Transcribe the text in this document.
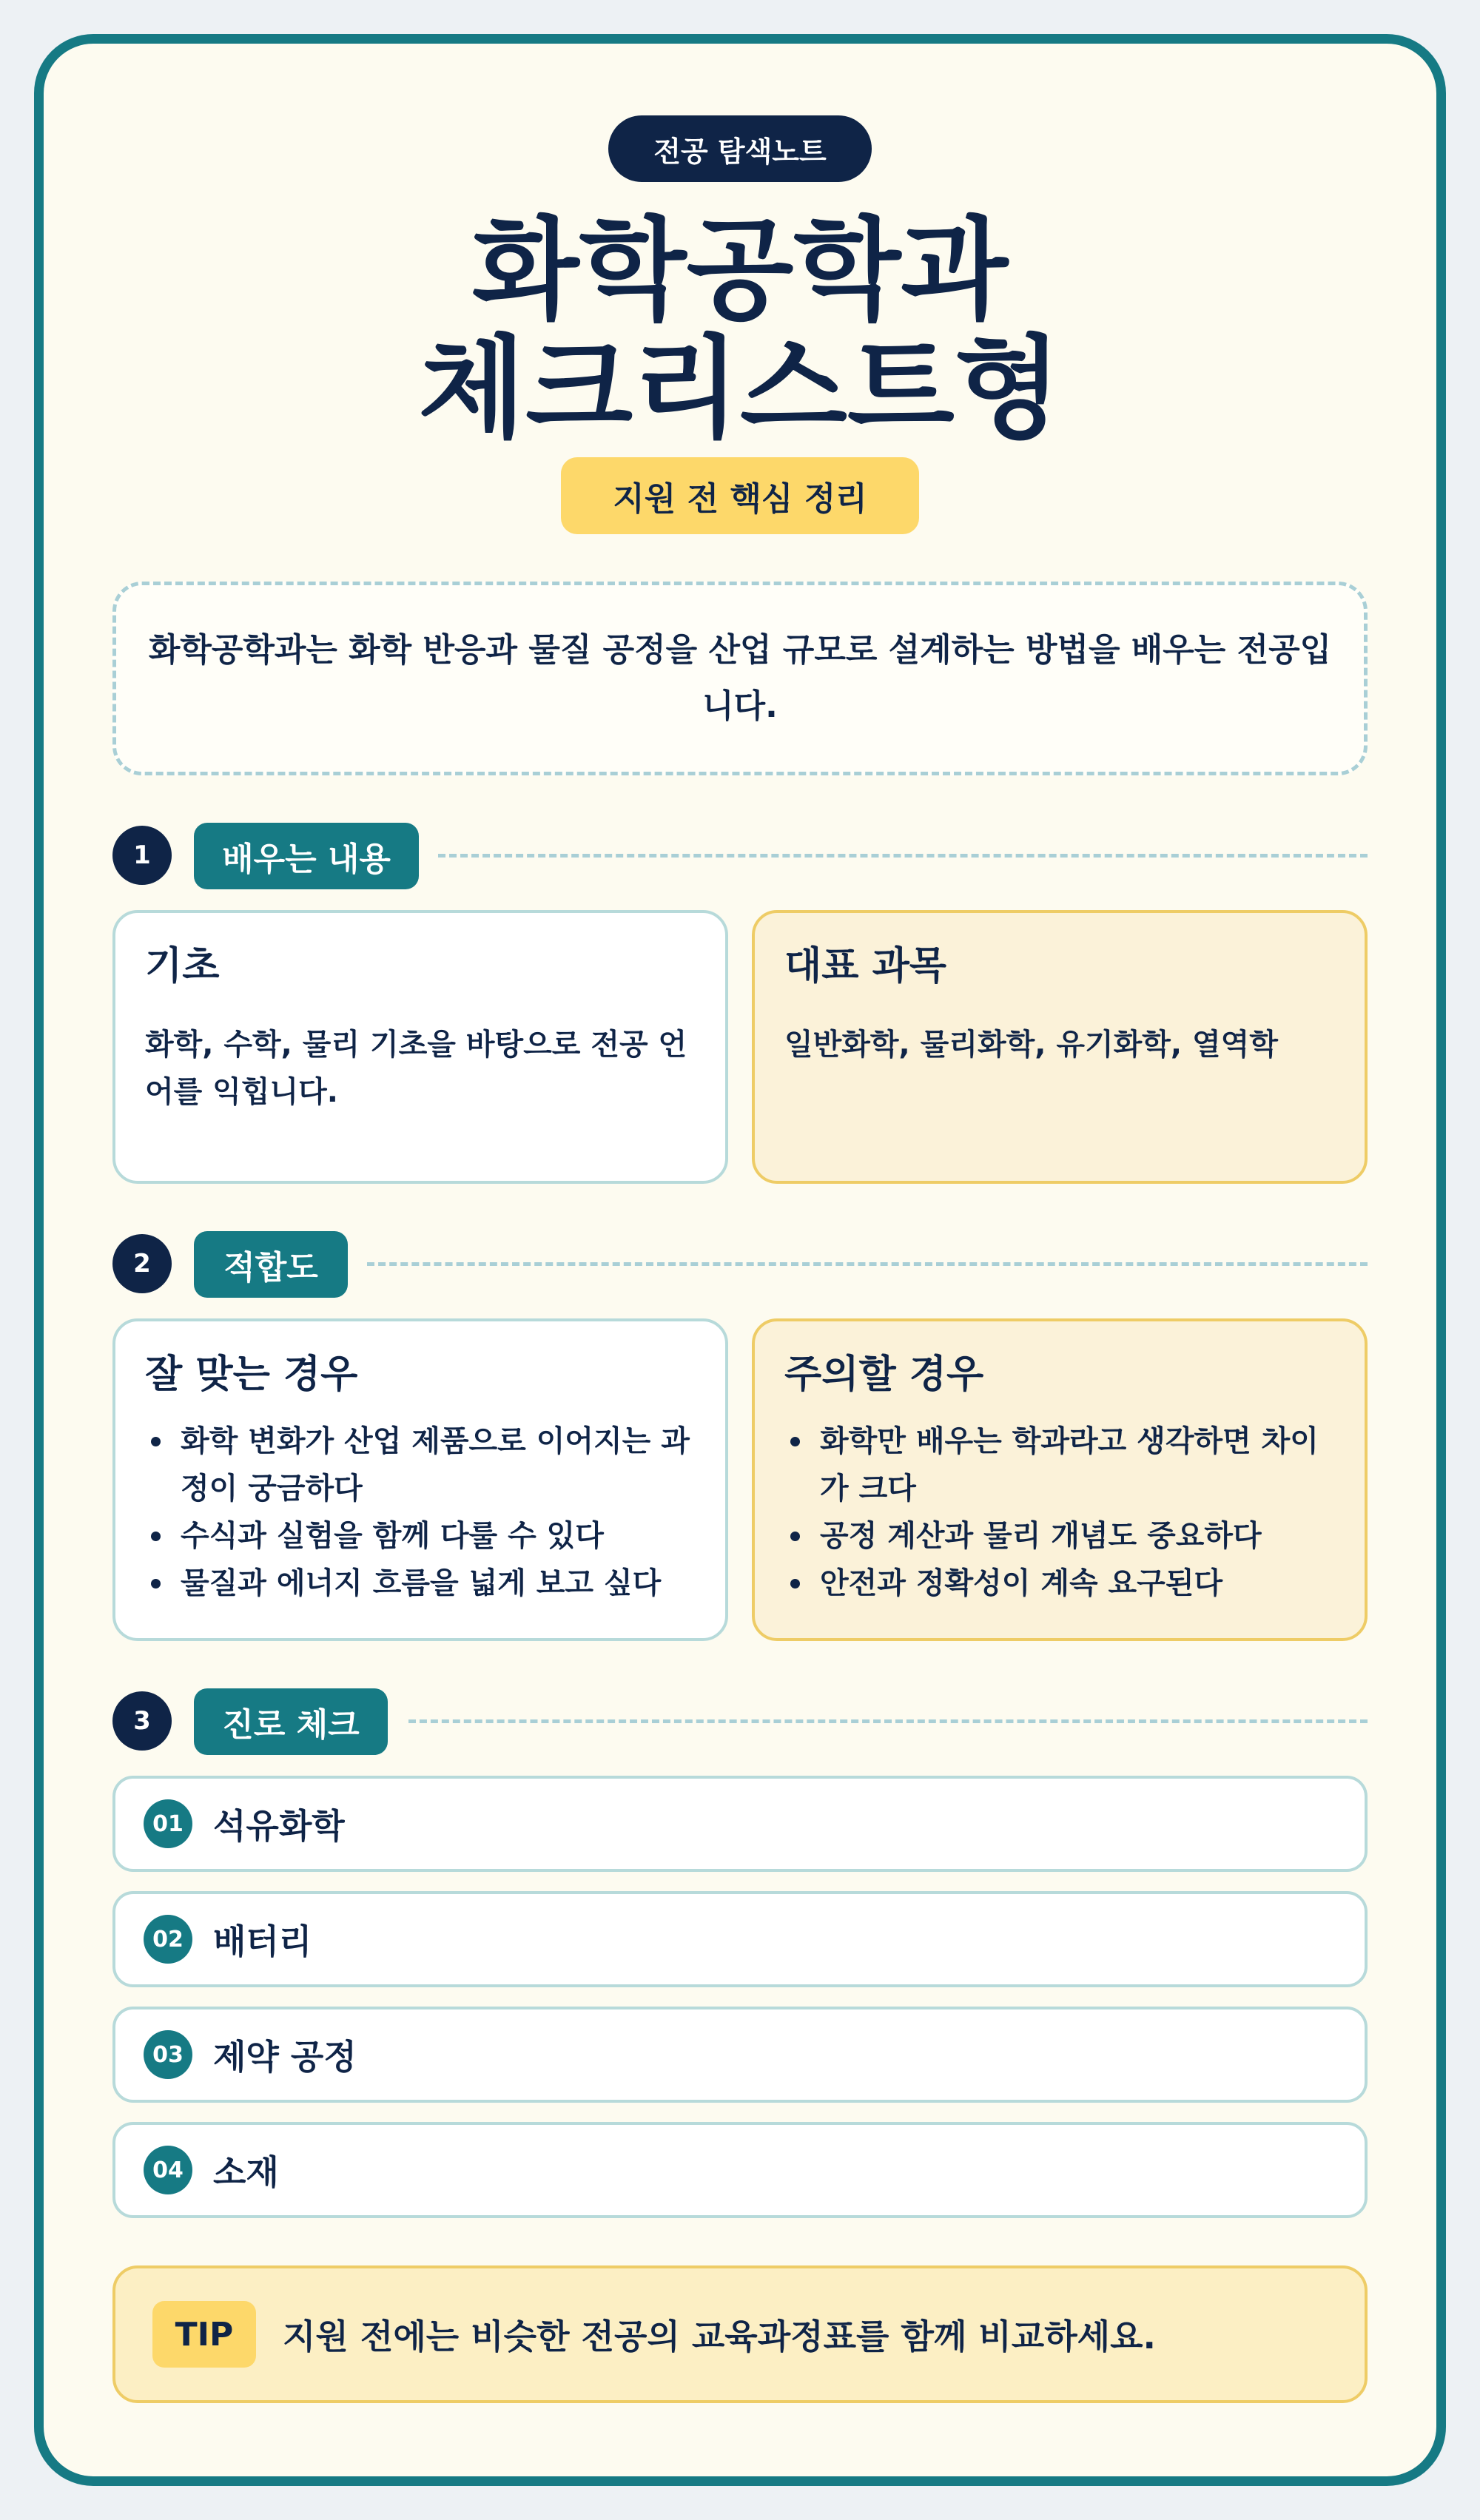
전공 탐색노트
화학공학과
체크리스트형
지원 전 핵심 정리
화학공학과는 화학 반응과 물질 공정을 산업 규모로 설계하는 방법을 배우는 전공입니다.
1	배우는 내용
기초

화학, 수학, 물리 기초을 바탕으로 전공 언어를 익힙니다.

대표 과목

일반화학, 물리화학, 유기화학, 열역학

2	적합도
잘 맞는 경우
화학 변화가 산업 제품으로 이어지는 과정이 궁금하다
수식과 실험을 함께 다룰 수 있다
물질과 에너지 흐름을 넓게 보고 싶다
주의할 경우
화학만 배우는 학과라고 생각하면 차이가 크다
공정 계산과 물리 개념도 중요하다
안전과 정확성이 계속 요구된다
3	진로 체크
01 석유화학
02 배터리
03 제약 공정
04 소재
TIP	지원 전에는 비슷한 전공의 교육과정표를 함께 비교하세요.
